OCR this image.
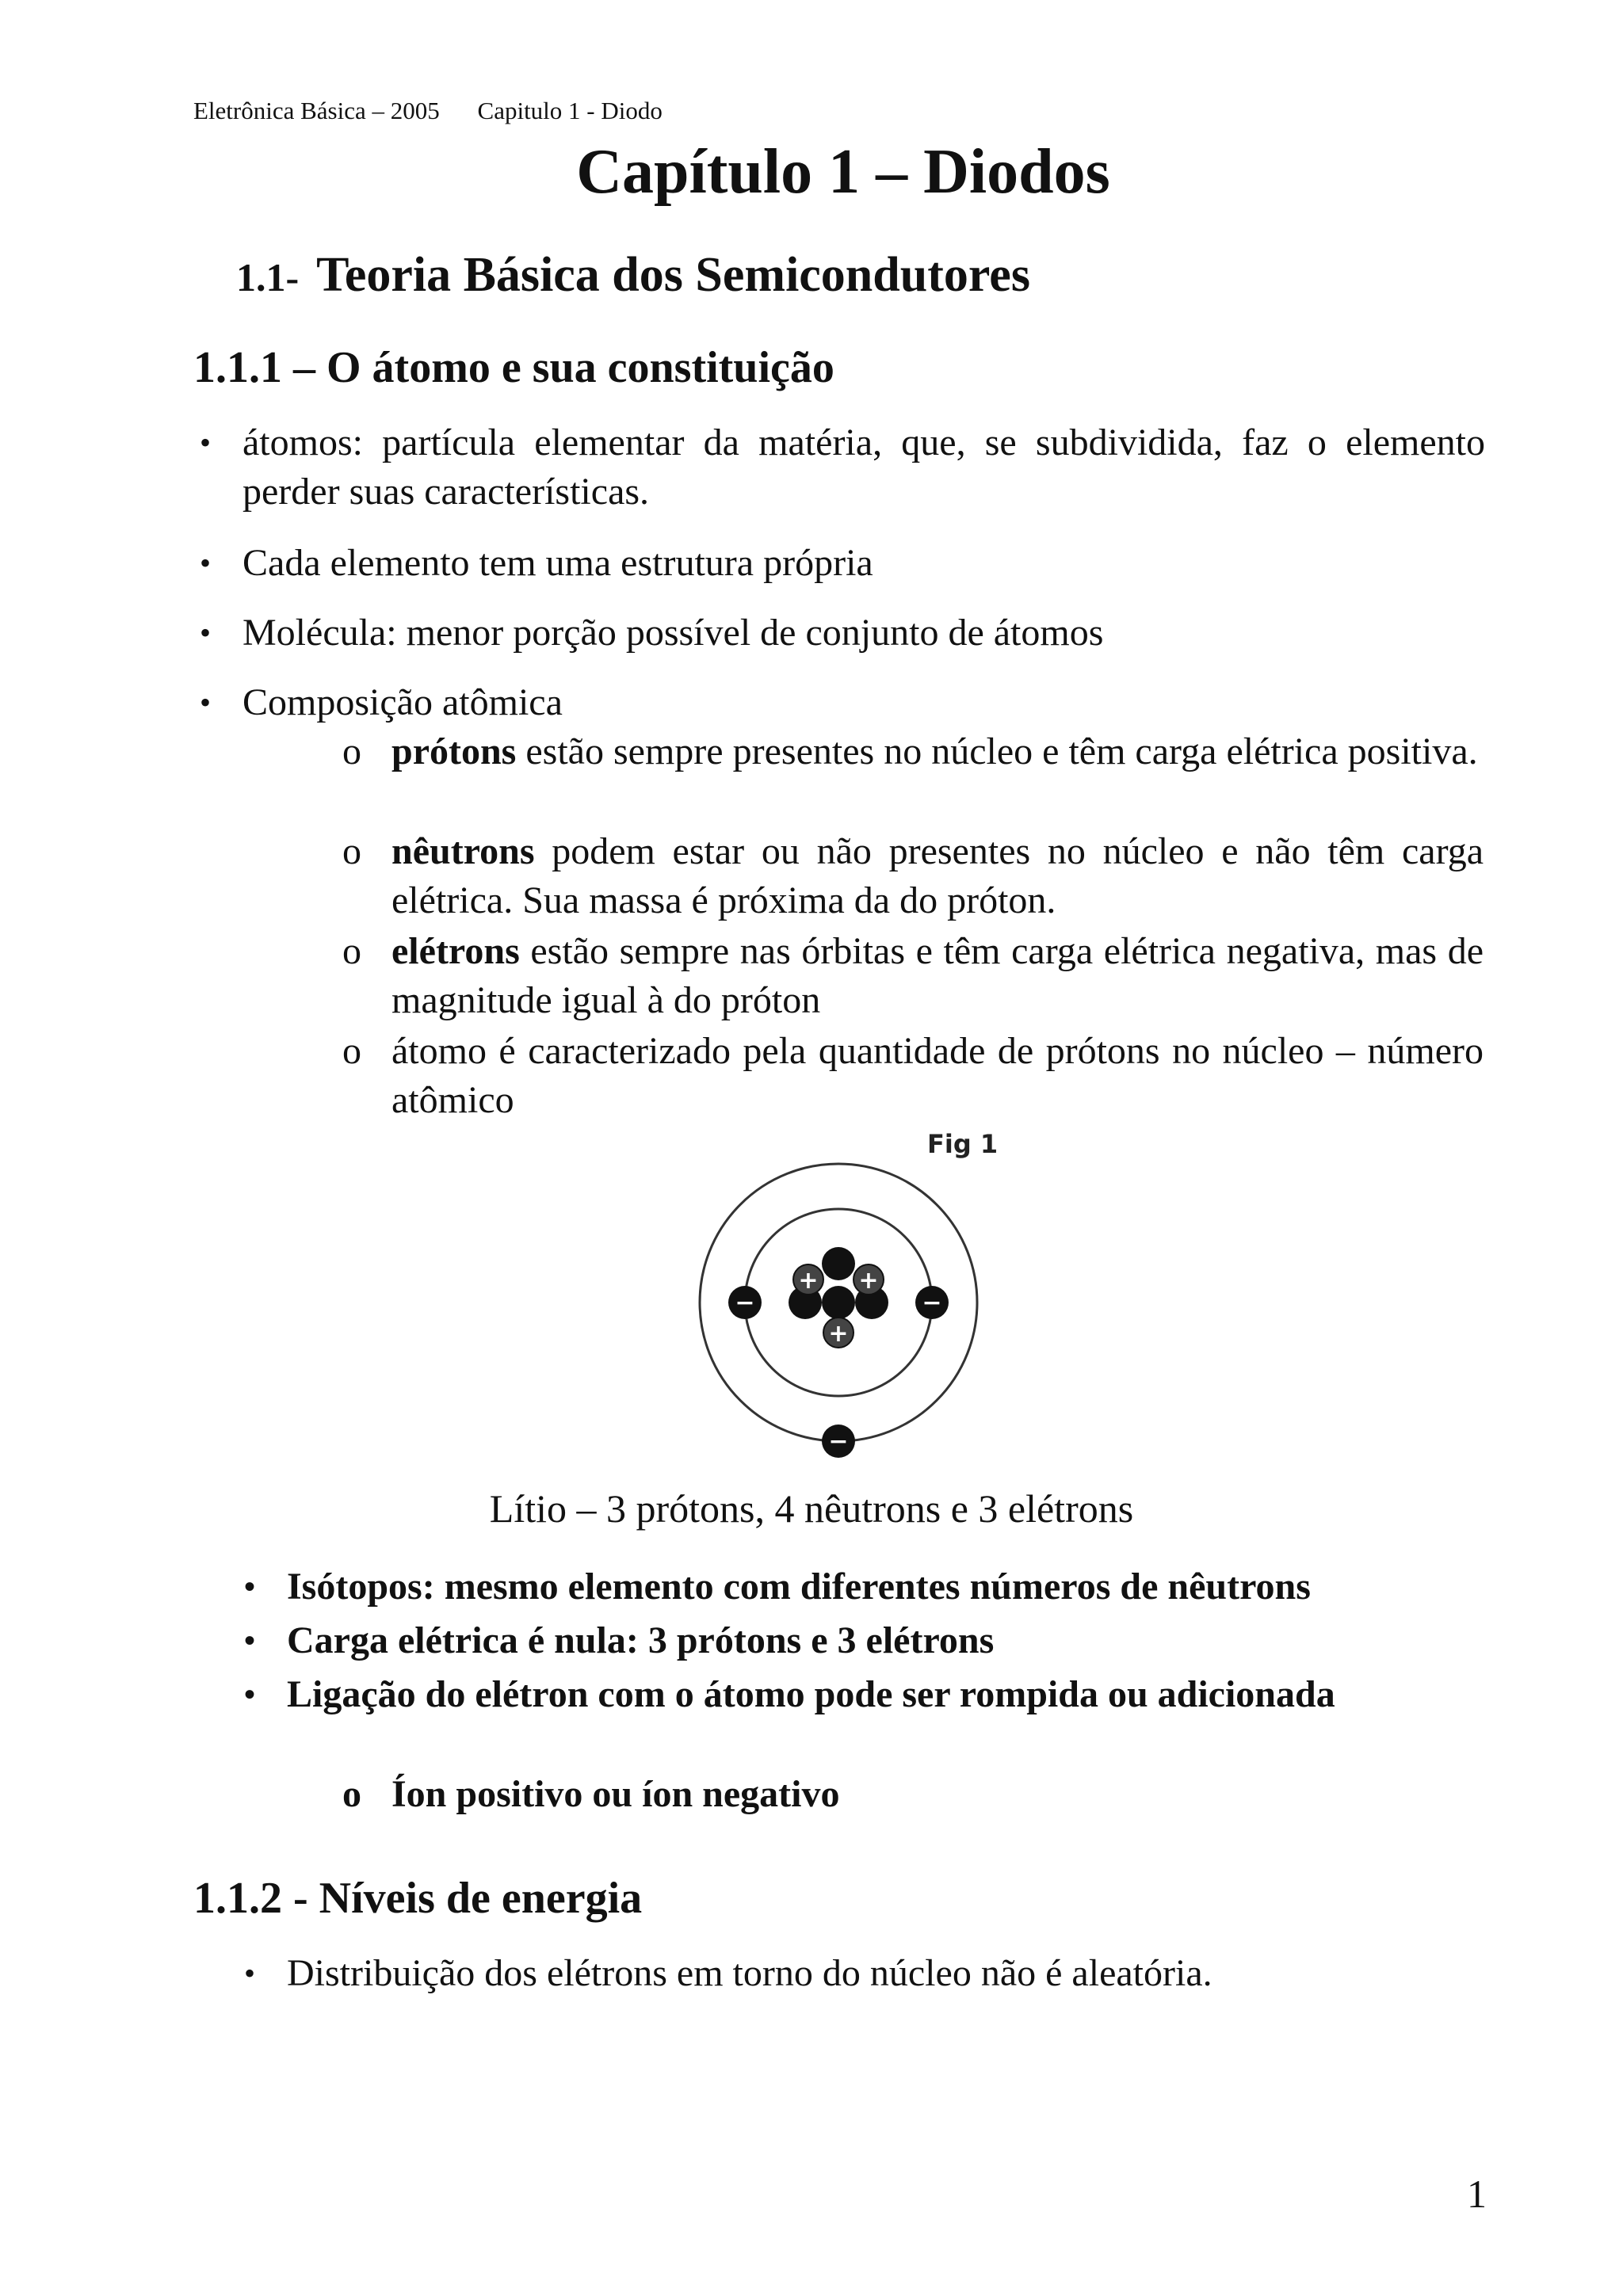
Eletrônica Básica – 2005 Capitulo 1 - Diodo
Capítulo 1 – Diodos
1.1- Teoria Básica dos Semicondutores
1.1.1 – O átomo e sua constituição
• átomos: partícula elementar da matéria, que, se subdividida, faz o elemento perder suas características.
• Cada elemento tem uma estrutura própria
• Molécula: menor porção possível de conjunto de átomos
• Composição atômica
o prótons estão sempre presentes no núcleo e têm carga elétrica positiva.
o nêutrons podem estar ou não presentes no núcleo e não têm carga elétrica. Sua massa é próxima da do próton.
o elétrons estão sempre nas órbitas e têm carga elétrica negativa, mas de magnitude igual à do próton
o átomo é caracterizado pela quantidade de prótons no núcleo – número atômico
Fig 1
+ +
+
−	−
−
Lítio – 3 prótons, 4 nêutrons e 3 elétrons
• Isótopos: mesmo elemento com diferentes números de nêutrons
• Carga elétrica é nula: 3 prótons e 3 elétrons
• Ligação do elétron com o átomo pode ser rompida ou adicionada
o Íon positivo ou íon negativo
1.1.2 - Níveis de energia
• Distribuição dos elétrons em torno do núcleo não é aleatória.
1
